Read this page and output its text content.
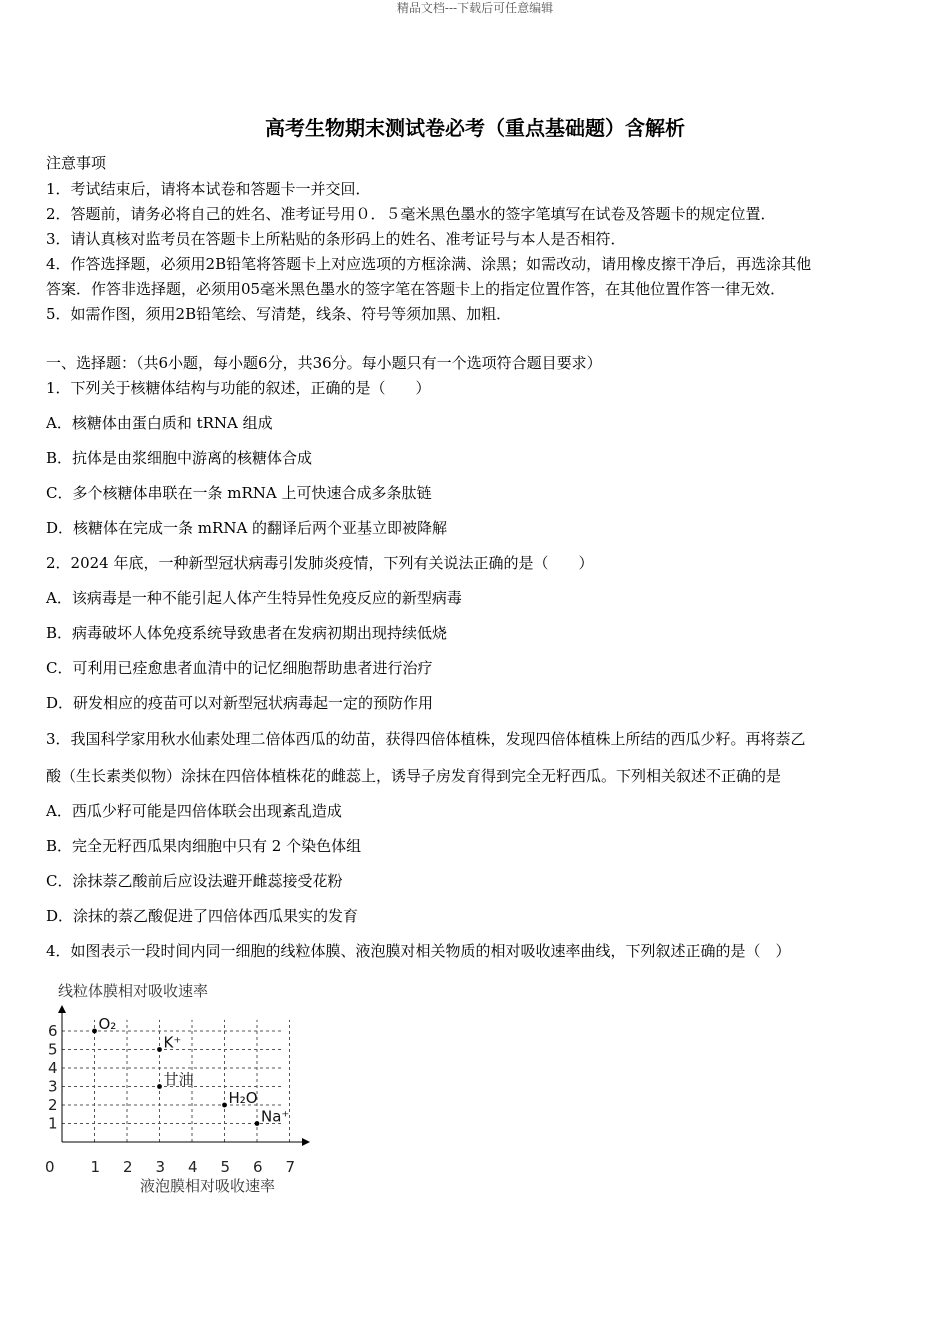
精品文档---下载后可任意编辑
高考生物期末测试卷必考（重点基础题）含解析
注意事项
1．考试结束后，请将本试卷和答题卡一并交回．
2．答题前，请务必将自己的姓名、准考证号用０．５毫米黑色墨水的签字笔填写在试卷及答题卡的规定位置．
3．请认真核对监考员在答题卡上所粘贴的条形码上的姓名、准考证号与本人是否相符．
4．作答选择题，必须用2B铅笔将答题卡上对应选项的方框涂满、涂黑；如需改动，请用橡皮擦干净后，再选涂其他
答案．作答非选择题，必须用05毫米黑色墨水的签字笔在答题卡上的指定位置作答，在其他位置作答一律无效．
5．如需作图，须用2B铅笔绘、写清楚，线条、符号等须加黑、加粗．
一、选择题：（共6小题，每小题6分，共36分。每小题只有一个选项符合题目要求）
1．下列关于核糖体结构与功能的叙述，正确的是（　　）
A．核糖体由蛋白质和 tRNA 组成
B．抗体是由浆细胞中游离的核糖体合成
C．多个核糖体串联在一条 mRNA 上可快速合成多条肽链
D．核糖体在完成一条 mRNA 的翻译后两个亚基立即被降解
2．2024 年底，一种新型冠状病毒引发肺炎疫情，下列有关说法正确的是（　　）
A．该病毒是一种不能引起人体产生特异性免疫反应的新型病毒
B．病毒破坏人体免疫系统导致患者在发病初期出现持续低烧
C．可利用已痊愈患者血清中的记忆细胞帮助患者进行治疗
D．研发相应的疫苗可以对新型冠状病毒起一定的预防作用
3．我国科学家用秋水仙素处理二倍体西瓜的幼苗，获得四倍体植株，发现四倍体植株上所结的西瓜少籽。再将萘乙
酸（生长素类似物）涂抹在四倍体植株花的雌蕊上，诱导子房发育得到完全无籽西瓜。下列相关叙述不正确的是
A．西瓜少籽可能是四倍体联会出现紊乱造成
B．完全无籽西瓜果肉细胞中只有 2 个染色体组
C．涂抹萘乙酸前后应设法避开雌蕊接受花粉
D．涂抹的萘乙酸促进了四倍体西瓜果实的发育
4．如图表示一段时间内同一细胞的线粒体膜、液泡膜对相关物质的相对吸收速率曲线，下列叙述正确的是（　）
线粒体膜相对吸收速率
液泡膜相对吸收速率
0 1 2 3 4 5 6 7
1
2
3
4
5
6	O₂
K⁺
甘油
H₂O
Na⁺
